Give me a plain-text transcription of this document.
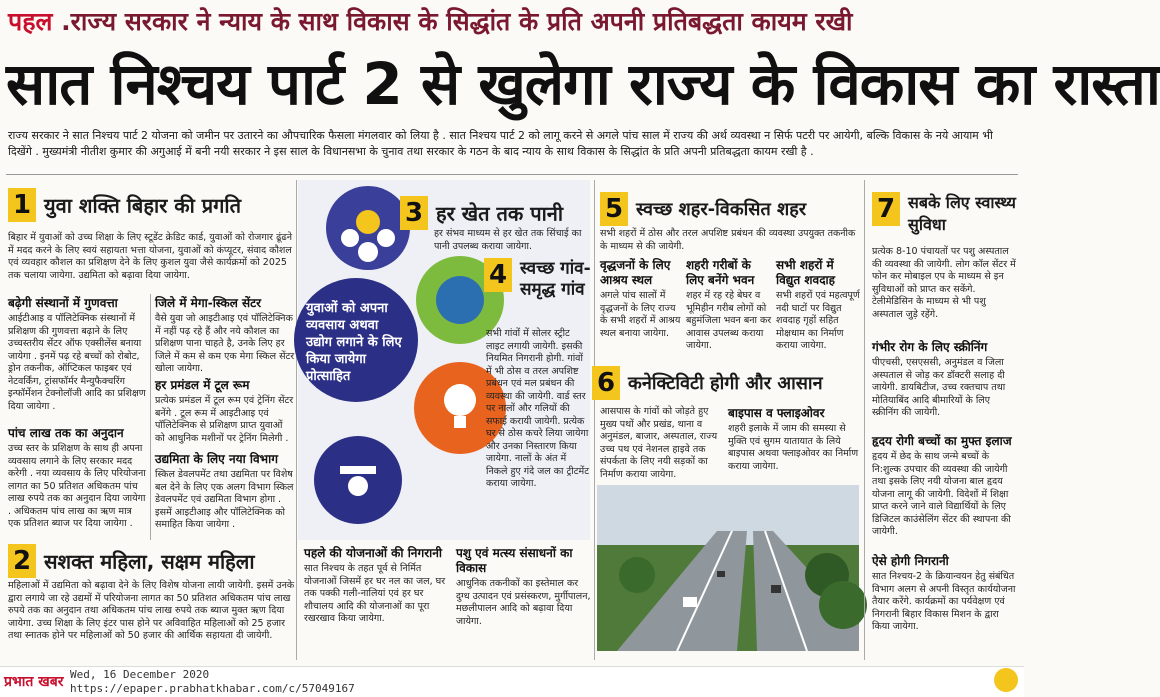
पहल .राज्य सरकार ने न्याय के साथ विकास के सिद्धांत के प्रति अपनी प्रतिबद्धता कायम रखी
सात निश्चय पार्ट 2 से खुलेगा राज्य के विकास का रास्ता
राज्य सरकार ने सात निश्चय पार्ट 2 योजना को जमीन पर उतारने का औपचारिक फैसला मंगलवार को लिया है . सात निश्चय पार्ट 2 को लागू करने से अगले पांच साल में राज्य की अर्थ व्यवस्था न सिर्फ पटरी पर आयेगी, बल्कि विकास के नये आयाम भी दिखेंगे . मुख्यमंत्री नीतीश कुमार की अगुआई में बनी नयी सरकार ने इस साल के विधानसभा के चुनाव तथा सरकार के गठन के बाद न्याय के साथ विकास के सिद्धांत के प्रति अपनी प्रतिबद्धता कायम रखी है .
1 युवा शक्ति बिहार की प्रगति
बिहार में युवाओं को उच्च शिक्षा के लिए स्टूडेंट क्रेडिट कार्ड, युवाओं को रोजगार ढूंढने में मदद करने के लिए स्वयं सहायता भत्ता योजना, युवाओं को कंप्यूटर, संवाद कौशल एवं व्यवहार कौशल का प्रशिक्षण देने के लिए कुशल युवा जैसे कार्यक्रमों को 2025 तक चलाया जायेगा. उद्यमिता को बढ़ावा दिया जायेगा.
बढ़ेगी संस्थानों में गुणवत्ता
आईटीआइ व पॉलिटेक्निक संस्थानों में प्रशिक्षण की गुणवत्ता बढ़ाने के लिए उच्चस्तरीय सेंटर ऑफ एक्सीलेंस बनाया जायेगा . इनमें पढ़ रहे बच्चों को रोबोट, ड्रोन तकनीक, ऑप्टिकल फाइबर एवं नेटवर्किंग, ट्रांसफॉर्मर मैन्युफैक्चरिंग इन्फॉर्मेशन टेक्नोलॉजी आदि का प्रशिक्षण दिया जायेगा .
पांच लाख तक का अनुदान
उच्च स्तर के प्रशिक्षण के साथ ही अपना व्यवसाय लगाने के लिए सरकार मदद करेगी . नया व्यवसाय के लिए परियोजना लागत का 50 प्रतिशत अधिकतम पांच लाख रुपये तक का अनुदान दिया जायेगा . अधिकतम पांच लाख का ऋण मात्र एक प्रतिशत ब्याज पर दिया जायेगा .
जिले में मेगा-स्किल सेंटर
वैसे युवा जो आइटीआइ एवं पॉलिटेक्निक में नहीं पढ़ रहे हैं और नये कौशल का प्रशिक्षण पाना चाहते है, उनके लिए हर जिले में कम से कम एक मेगा स्किल सेंटर खोला जायेगा.
हर प्रमंडल में टूल रूम
प्रत्येक प्रमंडल में टूल रूम एवं ट्रेनिंग सेंटर बनेंगे . टूल रूम में आइटीआइ एवं पॉलिटेक्निक से प्रशिक्षण प्राप्त युवाओं को आधुनिक मशीनों पर ट्रेनिंग मिलेगी .
उद्यमिता के लिए नया विभाग
स्किल डेवलपमेंट तथा उद्यमिता पर विशेष बल देने के लिए एक अलग विभाग स्किल डेवलपमेंट एवं उद्यमिता विभाग होगा . इसमें आइटीआइ और पॉलिटेक्निक को समाहित किया जायेगा .
2 सशक्त महिला, सक्षम महिला
महिलाओं में उद्यमिता को बढ़ावा देने के लिए विशेष योजना लायी जायेगी. इसमें उनके द्वारा लगाये जा रहे उद्यमों में परियोजना लागत का 50 प्रतिशत अधिकतम पांच लाख रुपये तक का अनुदान तथा अधिकतम पांच लाख रुपये तक ब्याज मुक्त ऋण दिया जायेगा. उच्च शिक्षा के लिए इंटर पास होने पर अविवाहित महिलाओं को 25 हजार तथा स्नातक होने पर महिलाओं को 50 हजार की आर्थिक सहायता दी जायेगी.
युवाओं को अपना व्यवसाय अथवा उद्योग लगाने के लिए किया जायेगा प्रोत्साहित
3 हर खेत तक पानी
हर संभव माध्यम से हर खेत तक सिंचाई का पानी उपलब्ध कराया जायेगा.
4 स्वच्छ गांव-समृद्ध गांव
सभी गांवों में सोलर स्ट्रीट लाइट लगायी जायेगी. इसकी नियमित निगरानी होगी. गांवों में भी ठोस व तरल अपशिष्ट प्रबंधन एवं मल प्रबंधन की व्यवस्था की जायेगी. वार्ड स्तर पर नालों और गलियों की सफाई करायी जायेगी. प्रत्येक घर से ठोस कचरे लिया जायेगा और उनका निस्तारण किया जायेगा. नालों के अंत में निकले हुए गंदे जल का ट्रीटमेंट कराया जायेगा.
पहले की योजनाओं की निगरानी
सात निश्चय के तहत पूर्व से निर्मित योजनाओं जिसमें हर घर नल का जल, घर तक पक्की गली-नालियां एवं हर घर शौचालय आदि की योजनाओं का पूरा रखरखाव किया जायेगा.
पशु एवं मत्स्य संसाधनों का विकास
आधुनिक तकनीकों का इस्तेमाल कर दुग्ध उत्पादन एवं प्रसंस्करण, मुर्गीपालन, मछलीपालन आदि को बढ़ावा दिया जायेगा.
5 स्वच्छ शहर-विकसित शहर
सभी शहरों में ठोस और तरल अपशिष्ट प्रबंधन की व्यवस्था उपयुक्त तकनीक के माध्यम से की जायेगी.
वृद्धजनों के लिए आश्रय स्थल
अगले पांच सालों में वृद्धजनों के लिए राज्य के सभी शहरों में आश्रय स्थल बनाया जायेगा.
शहरी गरीबों के लिए बनेंगे भवन
शहर में रह रहे बेघर व भूमिहीन गरीब लोगों को बहुमंजिला भवन बना कर आवास उपलब्ध कराया जायेगा.
सभी शहरों में विद्युत शवदाह
सभी शहरों एवं महत्वपूर्ण नदी घाटों पर विद्युत शवदाह गृहों सहित मोक्षधाम का निर्माण कराया जायेगा.
6 कनेक्टिविटी होगी और आसान
आसपास के गांवों को जोड़ते हुए मुख्य पथों और प्रखंड, थाना व अनुमंडल, बाजार, अस्पताल, राज्य उच्च पथ एवं नेशनल हाइवे तक संपर्कता के लिए नयी सड़कों का निर्माण कराया जायेगा.
बाइपास व फ्लाइओवर
शहरी इलाके में जाम की समस्या से मुक्ति एवं सुगम यातायात के लिये बाइपास अथवा फ्लाइओवर का निर्माण कराया जायेगा.
7 सबके लिए स्वास्थ्य सुविधा
प्रत्येक 8-10 पंचायतों पर पशु अस्पताल की व्यवस्था की जायेगी. लोग कॉल सेंटर में फोन कर मोबाइल एप के माध्यम से इन सुविधाओं को प्राप्त कर सकेंगे. टेलीमेडिसिन के माध्यम से भी पशु अस्पताल जुड़े रहेंगे.
गंभीर रोग के लिए स्क्रीनिंग
पीएचसी, एसएससी, अनुमंडल व जिला अस्पताल से जोड़ कर डॉक्टरी सलाह दी जायेगी. डायबिटीज, उच्च रक्तचाप तथा मोतियाबिंद आदि बीमारियों के लिए स्क्रीनिंग की जायेगी.
हृदय रोगी बच्चों का मुफ्त इलाज
हृदय में छेद के साथ जन्मे बच्चों के नि:शुल्क उपचार की व्यवस्था की जायेगी तथा इसके लिए नयी योजना बाल हृदय योजना लागू की जायेगी. विदेशों में शिक्षा प्राप्त करने जाने वाले विद्यार्थियों के लिए डिजिटल काउंसेलिंग सेंटर की स्थापना की जायेगी.
ऐसे होगी निगरानी
सात निश्चय-2 के क्रियान्वयन हेतु संबंधित विभाग अलग से अपनी विस्तृत कार्ययोजना तैयार करेंगे. कार्यक्रमों का पर्यवेक्षण एवं निगरानी बिहार विकास मिशन के द्वारा किया जायेगा.
प्रभात खबर Wed, 16 December 2020
https://epaper.prabhatkhabar.com/c/57049167
